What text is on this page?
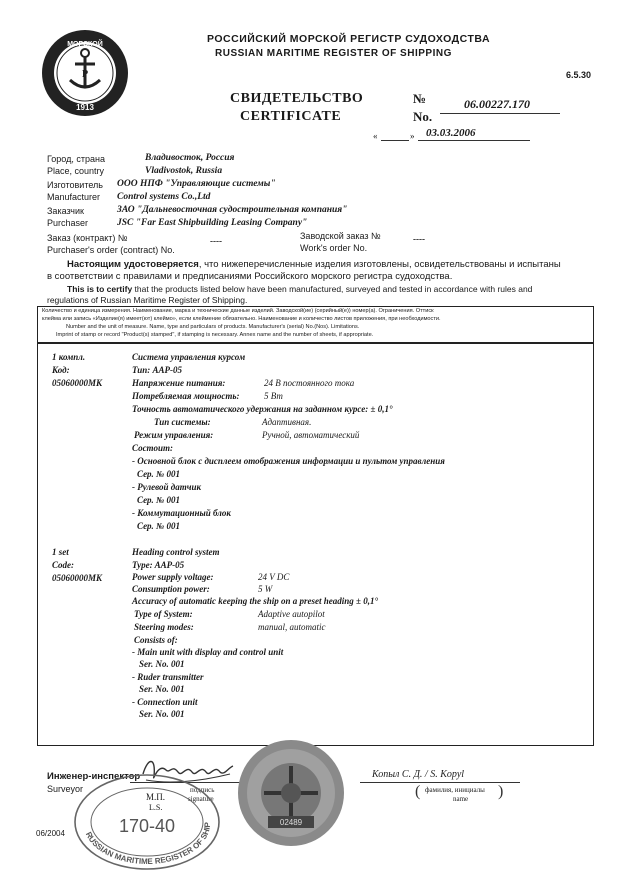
МОРСКОЙ
1913
Р
РОССИЙСКИЙ МОРСКОЙ РЕГИСТР СУДОХОДСТВА
RUSSIAN MARITIME REGISTER OF SHIPPING
6.5.30
СВИДЕТЕЛЬСТВО
CERTIFICATE
№
No.
06.00227.170
«	» 03.03.2006
Город, страна
Place, country
Владивосток, Россия
Vladivostok, Russia
Изготовитель
Manufacturer
ООО НПФ "Управляющие системы"
Control systems Co.,Ltd
Заказчик
Purchaser
ЗАО "Дальневосточная судостроительная компания"
JSC "Far East Shipbuilding Leasing Company"
Заказ (контракт) №
Purchaser's order (contract) No.
----	Заводской заказ №
Work's order No.
----
Настоящим удостоверяется, что нижеперечисленные изделия изготовлены, освидетельствованы и испытаны
в соответствии с правилами и предписаниями Российского морского регистра судоходства.
This is to certify that the products listed below have been manufactured, surveyed and tested in accordance with rules and
regulations of Russian Maritime Register of Shipping.
Количество и единица измерения. Наименование, марка и технические данные изделий. Заводской(ие) (серийный(е)) номер(а). Ограничения. Оттиск
клейма или запись «Изделие(я) имеет(ют) клеймо», если клеймение обязательно. Наименование и количество листов приложения, при необходимости.
Number and the unit of measure. Name, type and particulars of products. Manufacturer's (serial) No.(Nos). Limitations.
Imprint of stamp or record "Product(s) stamped", if stamping is necessary. Annex name and the number of sheets, if appropriate.
1 компл.
Код:
05060000МК
Система управления курсом
Тип: ААР-05
Напряжение питания:	24 В постоянного тока
Потребляемая мощность:	5 Вт
Точность автоматического удержания на заданном курсе: ± 0,1°
Тип системы:	Адаптивная.
Режим управления:	Ручной, автоматический
Состоит:
- Основной блок с дисплеем отображения информации и пультом управления
Сер. № 001
- Рулевой датчик
Сер. № 001
- Коммутационный блок
Сер. № 001
1 set
Code:
05060000MK
Heading control system
Type: AAP-05
Power supply voltage:	24 V DC
Consumption power:	5 W
Accuracy of automatic keeping the ship on a preset heading ± 0,1°
Type of System:	Adaptive autopilot
Steering modes:	manual, automatic
Consists of:
- Main unit with display and control unit
Ser. No. 001
- Ruder transmitter
Ser. No. 001
- Connection unit
Ser. No. 001
Инженер-инспектор
Surveyor	подпись
signature
М.П.
L.S.
RUSSIAN MARITIME REGISTER OF SHIP
170-40	02489
Копыл С. Д. / S. Kopyl
фамилия, инициалы
name
(	)
06/2004
